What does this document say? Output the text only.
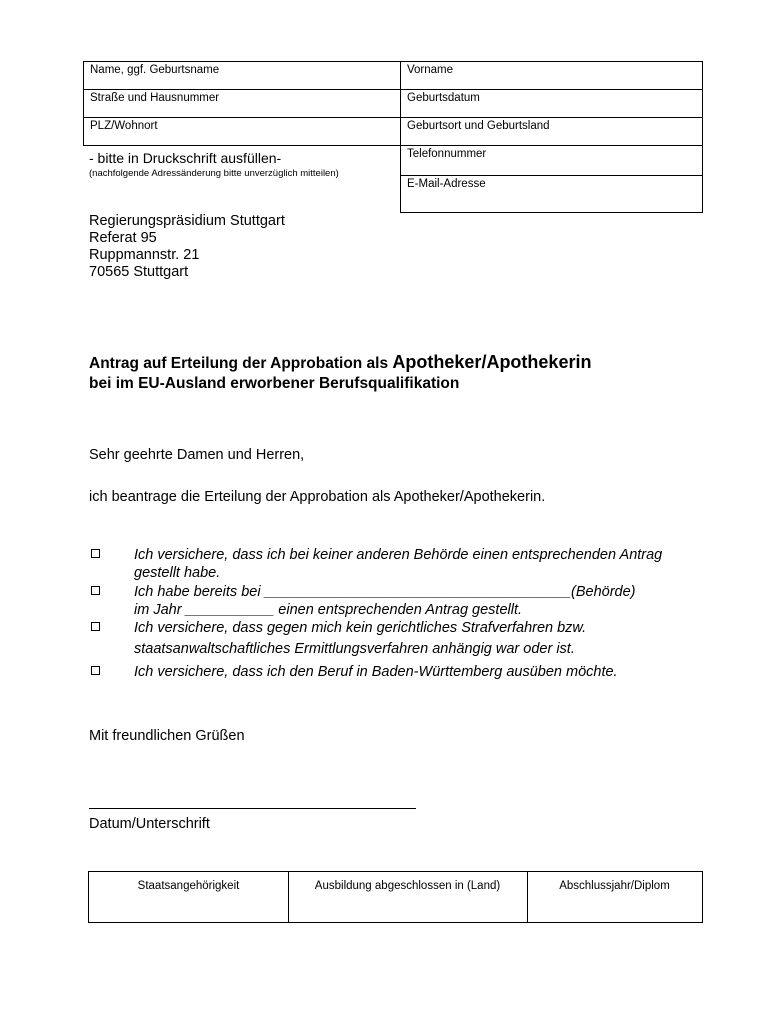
Name, ggf. Geburtsname
Straße und Hausnummer
PLZ/Wohnort
- bitte in Druckschrift ausfüllen-
(nachfolgende Adressänderung bitte unverzüglich mitteilen)
Vorname
Geburtsdatum
Geburtsort und Geburtsland
Telefonnummer
E-Mail-Adresse
Regierungspräsidium Stuttgart
Referat 95
Ruppmannstr. 21
70565 Stuttgart
Antrag auf Erteilung der Approbation als Apotheker/Apothekerin
bei im EU-Ausland erworbener Berufsqualifikation
Sehr geehrte Damen und Herren,
ich beantrage die Erteilung der Approbation als Apotheker/Apothekerin.
Ich versichere, dass ich bei keiner anderen Behörde einen entsprechenden Antrag
gestellt habe.
Ich habe bereits bei ______________________________________(Behörde)
im Jahr ___________ einen entsprechenden Antrag gestellt.
Ich versichere, dass gegen mich kein gerichtliches Strafverfahren bzw.
staatsanwaltschaftliches Ermittlungsverfahren anhängig war oder ist.
Ich versichere, dass ich den Beruf in Baden-Württemberg ausüben möchte.
Mit freundlichen Grüßen
Datum/Unterschrift
Staatsangehörigkeit	Ausbildung abgeschlossen in (Land)	Abschlussjahr/Diplom
